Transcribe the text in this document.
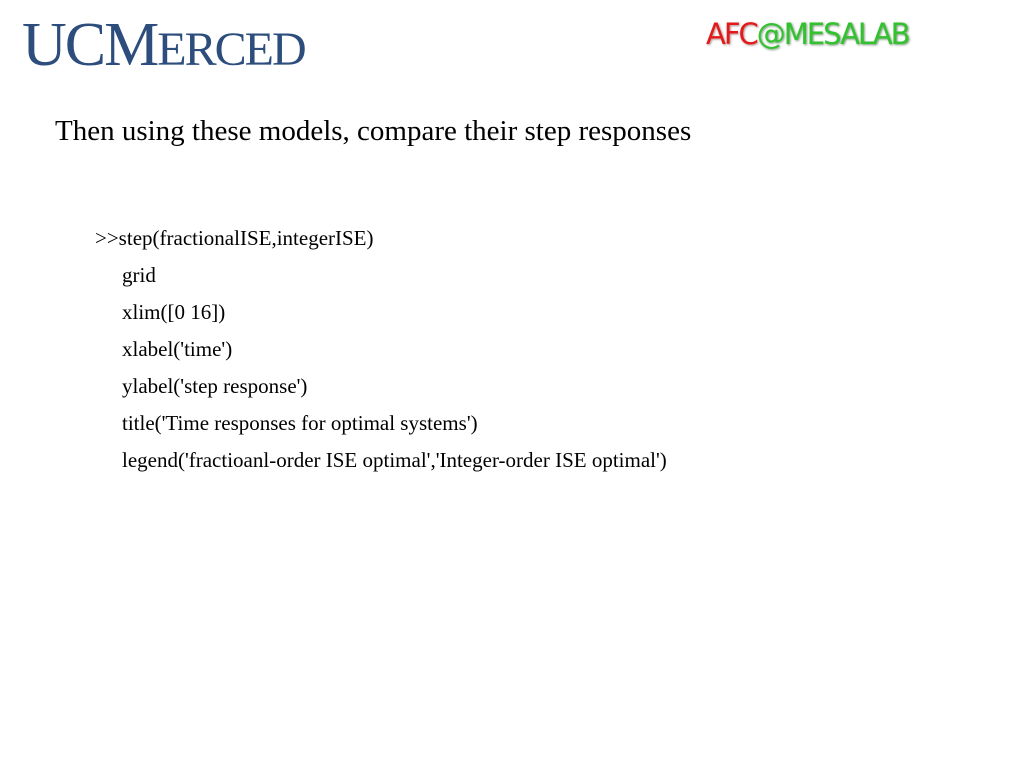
UCMERCED	AFC@MESALAB
Then using these models, compare their step responses
>>step(fractionalISE,integerISE)
grid
xlim([0 16])
xlabel('time')
ylabel('step response')
title('Time responses for optimal systems')
legend('fractioanl-order ISE optimal','Integer-order ISE optimal')
